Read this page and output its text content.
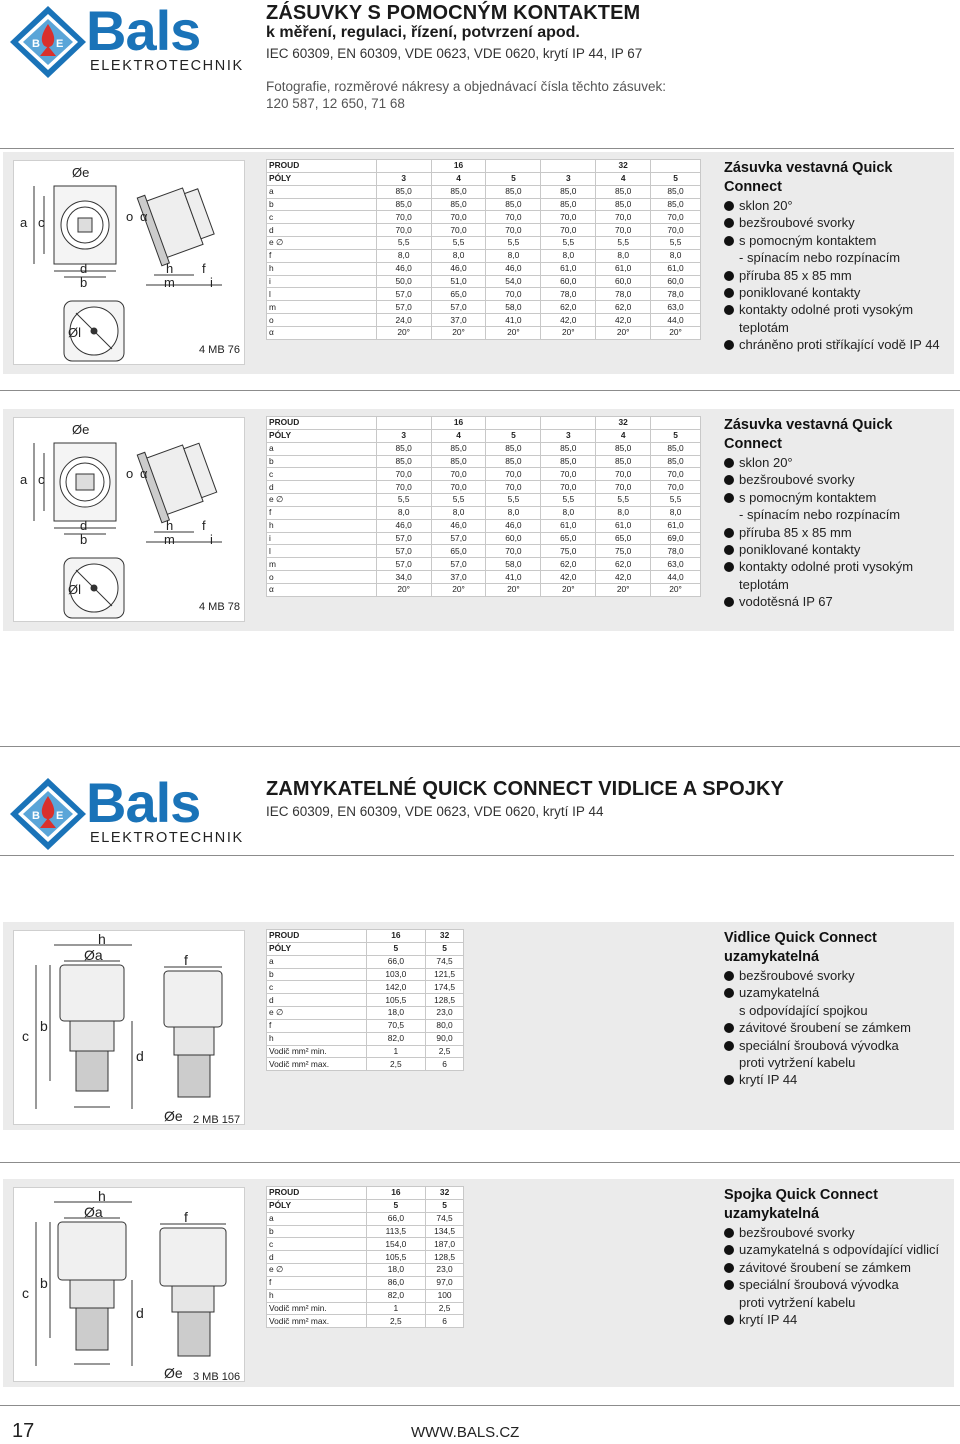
B E Bals
ELEKTROTECHNIK
ZÁSUVKY S POMOCNÝM KONTAKTEM
k měření, regulaci, řízení, potvrzení apod.
IEC 60309, EN 60309, VDE 0623, VDE 0620, krytí IP 44, IP 67
Fotografie, rozměrové nákresy a objednávací čísla těchto zásuvek:
120 587, 12 650, 71 68
Øe
a c
d
b
h
m
f
i
o α
Øl
4 MB 76
PROUD		16			32	
PÓLY	3	4	5	3	4	5
a	85,0	85,0	85,0	85,0	85,0	85,0
b	85,0	85,0	85,0	85,0	85,0	85,0
c	70,0	70,0	70,0	70,0	70,0	70,0
d	70,0	70,0	70,0	70,0	70,0	70,0
e ∅	5,5	5,5	5,5	5,5	5,5	5,5
f	8,0	8,0	8,0	8,0	8,0	8,0
h	46,0	46,0	46,0	61,0	61,0	61,0
i	50,0	51,0	54,0	60,0	60,0	60,0
l	57,0	65,0	70,0	78,0	78,0	78,0
m	57,0	57,0	58,0	62,0	62,0	63,0
o	24,0	37,0	41,0	42,0	42,0	44,0
α	20°	20°	20°	20°	20°	20°
Zásuvka vestavná Quick Connect
sklon 20°
bezšroubové svorky
s pomocným kontaktem
- spínacím nebo rozpínacím
příruba 85 x 85 mm
poniklované kontakty
kontakty odolné proti vysokým
teplotám
chráněno proti stříkající vodě IP 44
Øe
a c
d
b
h
m
f
i
o α
Øl
4 MB 78
PROUD		16			32	
PÓLY	3	4	5	3	4	5
a	85,0	85,0	85,0	85,0	85,0	85,0
b	85,0	85,0	85,0	85,0	85,0	85,0
c	70,0	70,0	70,0	70,0	70,0	70,0
d	70,0	70,0	70,0	70,0	70,0	70,0
e ∅	5,5	5,5	5,5	5,5	5,5	5,5
f	8,0	8,0	8,0	8,0	8,0	8,0
h	46,0	46,0	46,0	61,0	61,0	61,0
i	57,0	57,0	60,0	65,0	65,0	69,0
l	57,0	65,0	70,0	75,0	75,0	78,0
m	57,0	57,0	58,0	62,0	62,0	63,0
o	34,0	37,0	41,0	42,0	42,0	44,0
α	20°	20°	20°	20°	20°	20°
Zásuvka vestavná Quick Connect
sklon 20°
bezšroubové svorky
s pomocným kontaktem
- spínacím nebo rozpínacím
příruba 85 x 85 mm
poniklované kontakty
kontakty odolné proti vysokým
teplotám
vodotěsná IP 67
B E Bals
ELEKTROTECHNIK
ZAMYKATELNÉ QUICK CONNECT VIDLICE A SPOJKY
IEC 60309, EN 60309, VDE 0623, VDE 0620, krytí IP 44
h
Øa	f
c
b
d
Øe 2 MB 157
PROUD	16	32
PÓLY	5	5
a	66,0	74,5
b	103,0	121,5
c	142,0	174,5
d	105,5	128,5
e ∅	18,0	23,0
f	70,5	80,0
h	82,0	90,0
Vodič mm² min.	1	2,5
Vodič mm² max.	2,5	6
Vidlice Quick Connect
uzamykatelná
bezšroubové svorky
uzamykatelná
s odpovídající spojkou
závitové šroubení se zámkem
speciální šroubová vývodka
proti vytržení kabelu
krytí IP 44
h
Øa	f
c
b
d
Øe 3 MB 106
PROUD	16	32
PÓLY	5	5
a	66,0	74,5
b	113,5	134,5
c	154,0	187,0
d	105,5	128,5
e ∅	18,0	23,0
f	86,0	97,0
h	82,0	100
Vodič mm² min.	1	2,5
Vodič mm² max.	2,5	6
Spojka Quick Connect
uzamykatelná
bezšroubové svorky
uzamykatelná s odpovídající vidlicí
závitové šroubení se zámkem
speciální šroubová vývodka
proti vytržení kabelu
krytí IP 44
17	WWW.BALS.CZ
